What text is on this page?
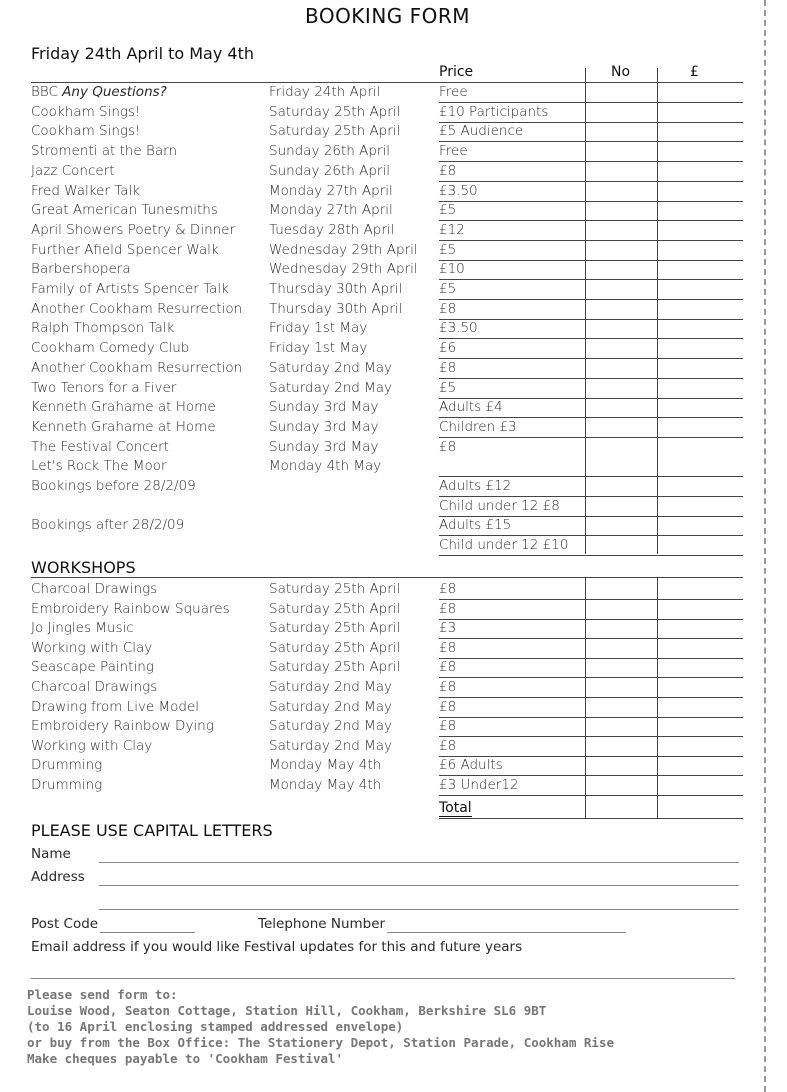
BOOKING FORM
Friday 24th April to May 4th
Price	No	£
BBC Any Questions?	Friday 24th April	Free
Cookham Sings!	Saturday 25th April	£10 Participants
Cookham Sings!	Saturday 25th April	£5 Audience
Stromenti at the Barn	Sunday 26th April	Free
Jazz Concert	Sunday 26th April	£8
Fred Walker Talk	Monday 27th April	£3.50
Great American Tunesmiths	Monday 27th April	£5
April Showers Poetry & Dinner	Tuesday 28th April	£12
Further Afield Spencer Walk	Wednesday 29th April £5
Barbershopera	Wednesday 29th April £10
Family of Artists Spencer Talk	Thursday 30th April	£5
Another Cookham Resurrection Thursday 30th April	£8
Ralph Thompson Talk	Friday 1st May	£3.50
Cookham Comedy Club	Friday 1st May	£6
Another Cookham Resurrection Saturday 2nd May	£8
Two Tenors for a Fiver	Saturday 2nd May	£5
Kenneth Grahame at Home	Sunday 3rd May	Adults £4
Kenneth Grahame at Home	Sunday 3rd May	Children £3
The Festival Concert	Sunday 3rd May	£8
Let's Rock The Moor	Monday 4th May
Bookings before 28/2/09	Adults £12
Child under 12 £8
Bookings after 28/2/09	Adults £15
Child under 12 £10
WORKSHOPS
Charcoal Drawings	Saturday 25th April	£8
Embroidery Rainbow Squares	Saturday 25th April	£8
Jo Jingles Music	Saturday 25th April	£3
Working with Clay	Saturday 25th April	£8
Seascape Painting	Saturday 25th April	£8
Charcoal Drawings	Saturday 2nd May	£8
Drawing from Live Model	Saturday 2nd May	£8
Embroidery Rainbow Dying	Saturday 2nd May	£8
Working with Clay	Saturday 2nd May	£8
Drumming	Monday May 4th	£6 Adults
Drumming	Monday May 4th	£3 Under12
Total
PLEASE USE CAPITAL LETTERS
Name
Address
Post Code	Telephone Number
Email address if you would like Festival updates for this and future years
Please send form to:
Louise Wood, Seaton Cottage, Station Hill, Cookham, Berkshire SL6 9BT
(to 16 April enclosing stamped addressed envelope)
or buy from the Box Office: The Stationery Depot, Station Parade, Cookham Rise
Make cheques payable to 'Cookham Festival'
